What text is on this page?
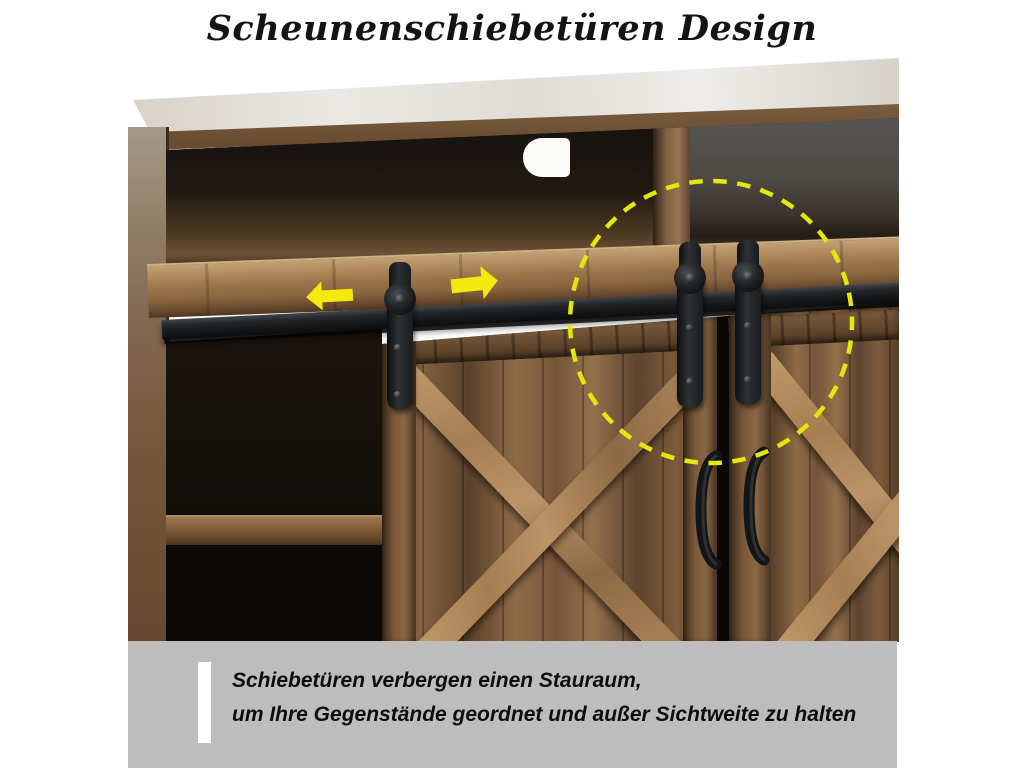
Scheunenschiebetüren Design
Schiebetüren verbergen einen Stauraum,
um Ihre Gegenstände geordnet und außer Sichtweite zu halten
